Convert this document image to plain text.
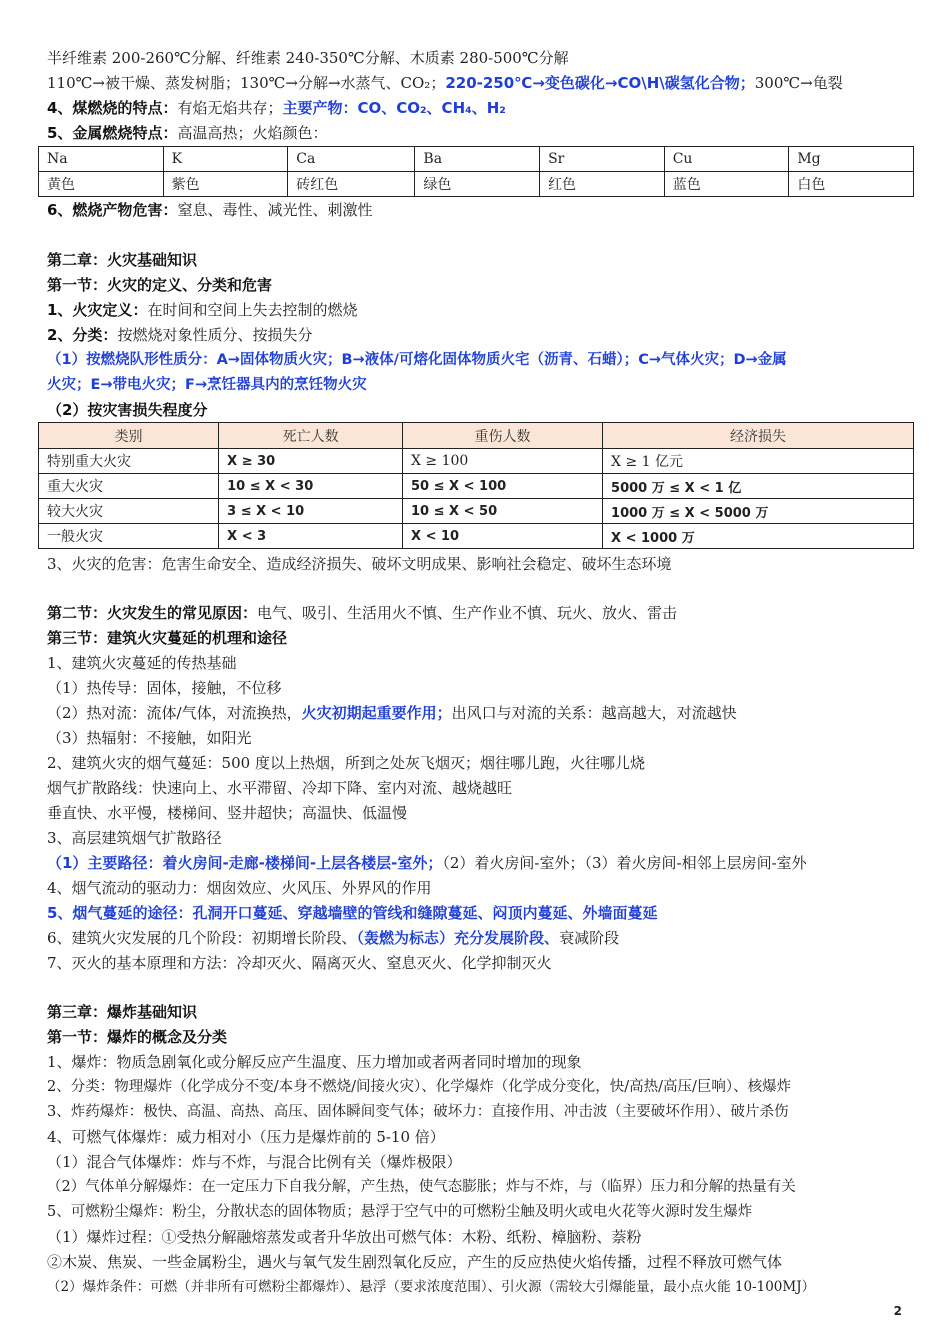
半纤维素 200-260℃分解、纤维素 240-350℃分解、木质素 280-500℃分解
110℃→被干燥、蒸发树脂；130℃→分解→水蒸气、CO₂；220-250℃→变色碳化→CO\H\碳氢化合物；300℃→龟裂
4、煤燃烧的特点：有焰无焰共存；主要产物：CO、CO₂、CH₄、H₂
5、金属燃烧特点：高温高热；火焰颜色：
Na	K	Ca	Ba	Sr	Cu	Mg
黄色	紫色	砖红色	绿色	红色	蓝色	白色
6、燃烧产物危害：窒息、毒性、减光性、刺激性
第二章：火灾基础知识
第一节：火灾的定义、分类和危害
1、火灾定义：在时间和空间上失去控制的燃烧
2、分类：按燃烧对象性质分、按损失分
（1）按燃烧队形性质分：A→固体物质火灾；B→液体/可熔化固体物质火宅（沥青、石蜡）；C→气体火灾；D→金属
火灾；E→带电火灾；F→烹饪器具内的烹饪物火灾
（2）按灾害损失程度分
类别	死亡人数	重伤人数	经济损失
特别重大火灾	X ≥ 30	X ≥ 100	X ≥ 1 亿元
重大火灾	10 ≤ X < 30	50 ≤ X < 100	5000 万 ≤ X < 1 亿
较大火灾	3 ≤ X < 10	10 ≤ X < 50	1000 万 ≤ X < 5000 万
一般火灾	X < 3	X < 10	X < 1000 万
3、火灾的危害：危害生命安全、造成经济损失、破坏文明成果、影响社会稳定、破坏生态环境
第二节：火灾发生的常见原因：电气、吸引、生活用火不慎、生产作业不慎、玩火、放火、雷击
第三节：建筑火灾蔓延的机理和途径
1、建筑火灾蔓延的传热基础
（1）热传导：固体，接触，不位移
（2）热对流：流体/气体，对流换热，火灾初期起重要作用；出风口与对流的关系：越高越大，对流越快
（3）热辐射：不接触，如阳光
2、建筑火灾的烟气蔓延：500 度以上热烟，所到之处灰飞烟灭；烟往哪儿跑，火往哪儿烧
烟气扩散路线：快速向上、水平滞留、冷却下降、室内对流、越烧越旺
垂直快、水平慢，楼梯间、竖井超快；高温快、低温慢
3、高层建筑烟气扩散路径
（1）主要路径：着火房间-走廊-楼梯间-上层各楼层-室外；（2）着火房间-室外；（3）着火房间-相邻上层房间-室外
4、烟气流动的驱动力：烟囱效应、火风压、外界风的作用
5、烟气蔓延的途径：孔洞开口蔓延、穿越墙壁的管线和缝隙蔓延、闷顶内蔓延、外墙面蔓延
6、建筑火灾发展的几个阶段：初期增长阶段、（轰燃为标志）充分发展阶段、衰减阶段
7、灭火的基本原理和方法：冷却灭火、隔离灭火、窒息灭火、化学抑制灭火
第三章：爆炸基础知识
第一节：爆炸的概念及分类
1、爆炸：物质急剧氧化或分解反应产生温度、压力增加或者两者同时增加的现象
2、分类：物理爆炸（化学成分不变/本身不燃烧/间接火灾）、化学爆炸（化学成分变化，快/高热/高压/巨响）、核爆炸
3、炸药爆炸：极快、高温、高热、高压、固体瞬间变气体；破坏力：直接作用、冲击波（主要破坏作用）、破片杀伤
4、可燃气体爆炸：威力相对小（压力是爆炸前的 5-10 倍）
（1）混合气体爆炸：炸与不炸，与混合比例有关（爆炸极限）
（2）气体单分解爆炸：在一定压力下自我分解，产生热，使气态膨胀；炸与不炸，与（临界）压力和分解的热量有关
5、可燃粉尘爆炸：粉尘，分散状态的固体物质；悬浮于空气中的可燃粉尘触及明火或电火花等火源时发生爆炸
（1）爆炸过程：①受热分解融熔蒸发或者升华放出可燃气体：木粉、纸粉、樟脑粉、萘粉
②木炭、焦炭、一些金属粉尘，遇火与氧气发生剧烈氧化反应，产生的反应热使火焰传播，过程不释放可燃气体
（2）爆炸条件：可燃（并非所有可燃粉尘都爆炸）、悬浮（要求浓度范围）、引火源（需较大引爆能量，最小点火能 10-100MJ）
2
